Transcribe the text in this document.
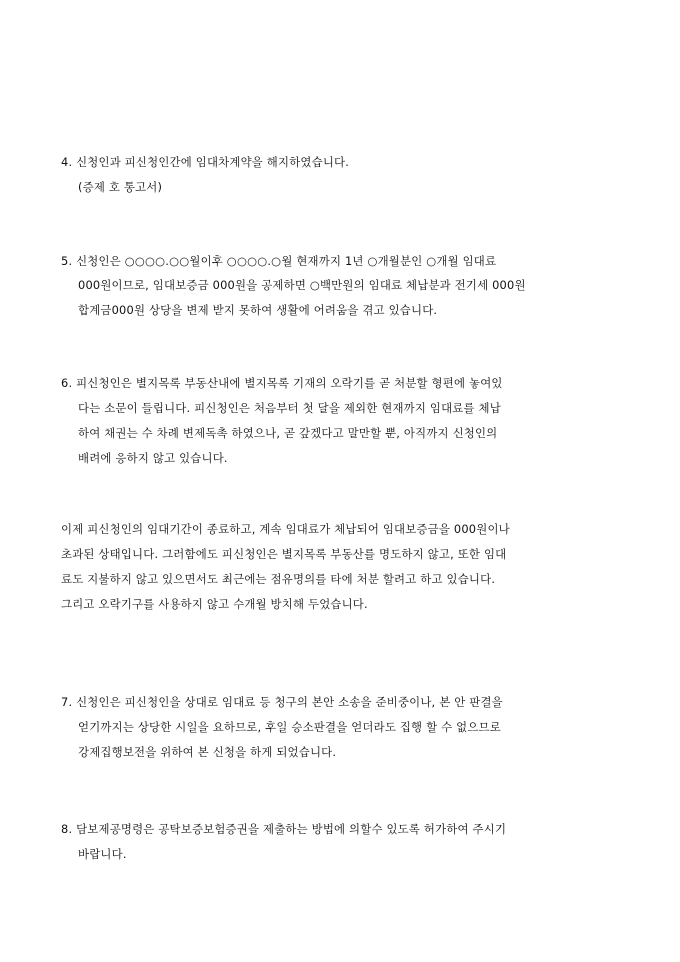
4. 신청인과 피신청인간에 임대차계약을 해지하였습니다.
(증제 호 통고서)
5. 신청인은 ○○○○.○○월이후 ○○○○.○월 현재까지 1년 ○개월분인 ○개월 임대료
000원이므로, 임대보증금 000원을 공제하면 ○백만원의 임대료 체납분과 전기세 000원
합계금000원 상당을 변제 받지 못하여 생활에 어려움을 겪고 있습니다.
6. 피신청인은 별지목록 부동산내에 별지목록 기재의 오락기를 곧 처분할 형편에 놓여있
다는 소문이 들립니다. 피신청인은 처음부터 첫 달을 제외한 현재까지 임대료를 체납
하여 채권는 수 차례 변제독촉 하였으나, 곧 갚겠다고 말만할 뿐, 아직까지 신청인의
배려에 응하지 않고 있습니다.
이제 피신청인의 임대기간이 종료하고, 계속 임대료가 체납되어 임대보증금을 000원이나
초과된 상태입니다. 그러함에도 피신청인은 별지목록 부동산를 명도하지 않고, 또한 임대
료도 지불하지 않고 있으면서도 최근에는 점유명의를 타에 처분 할려고 하고 있습니다.
그리고 오락기구를 사용하지 않고 수개월 방치해 두었습니다.
7. 신청인은 피신청인을 상대로 임대료 등 청구의 본안 소송을 준비중이나, 본 안 판결을
얻기까지는 상당한 시일을 요하므로, 후일 승소판결을 얻더라도 집행 할 수 없으므로
강제집행보전을 위하여 본 신청을 하게 되었습니다.
8. 담보제공명령은 공탁보증보험증권을 제출하는 방법에 의할수 있도록 허가하여 주시기
바랍니다.
